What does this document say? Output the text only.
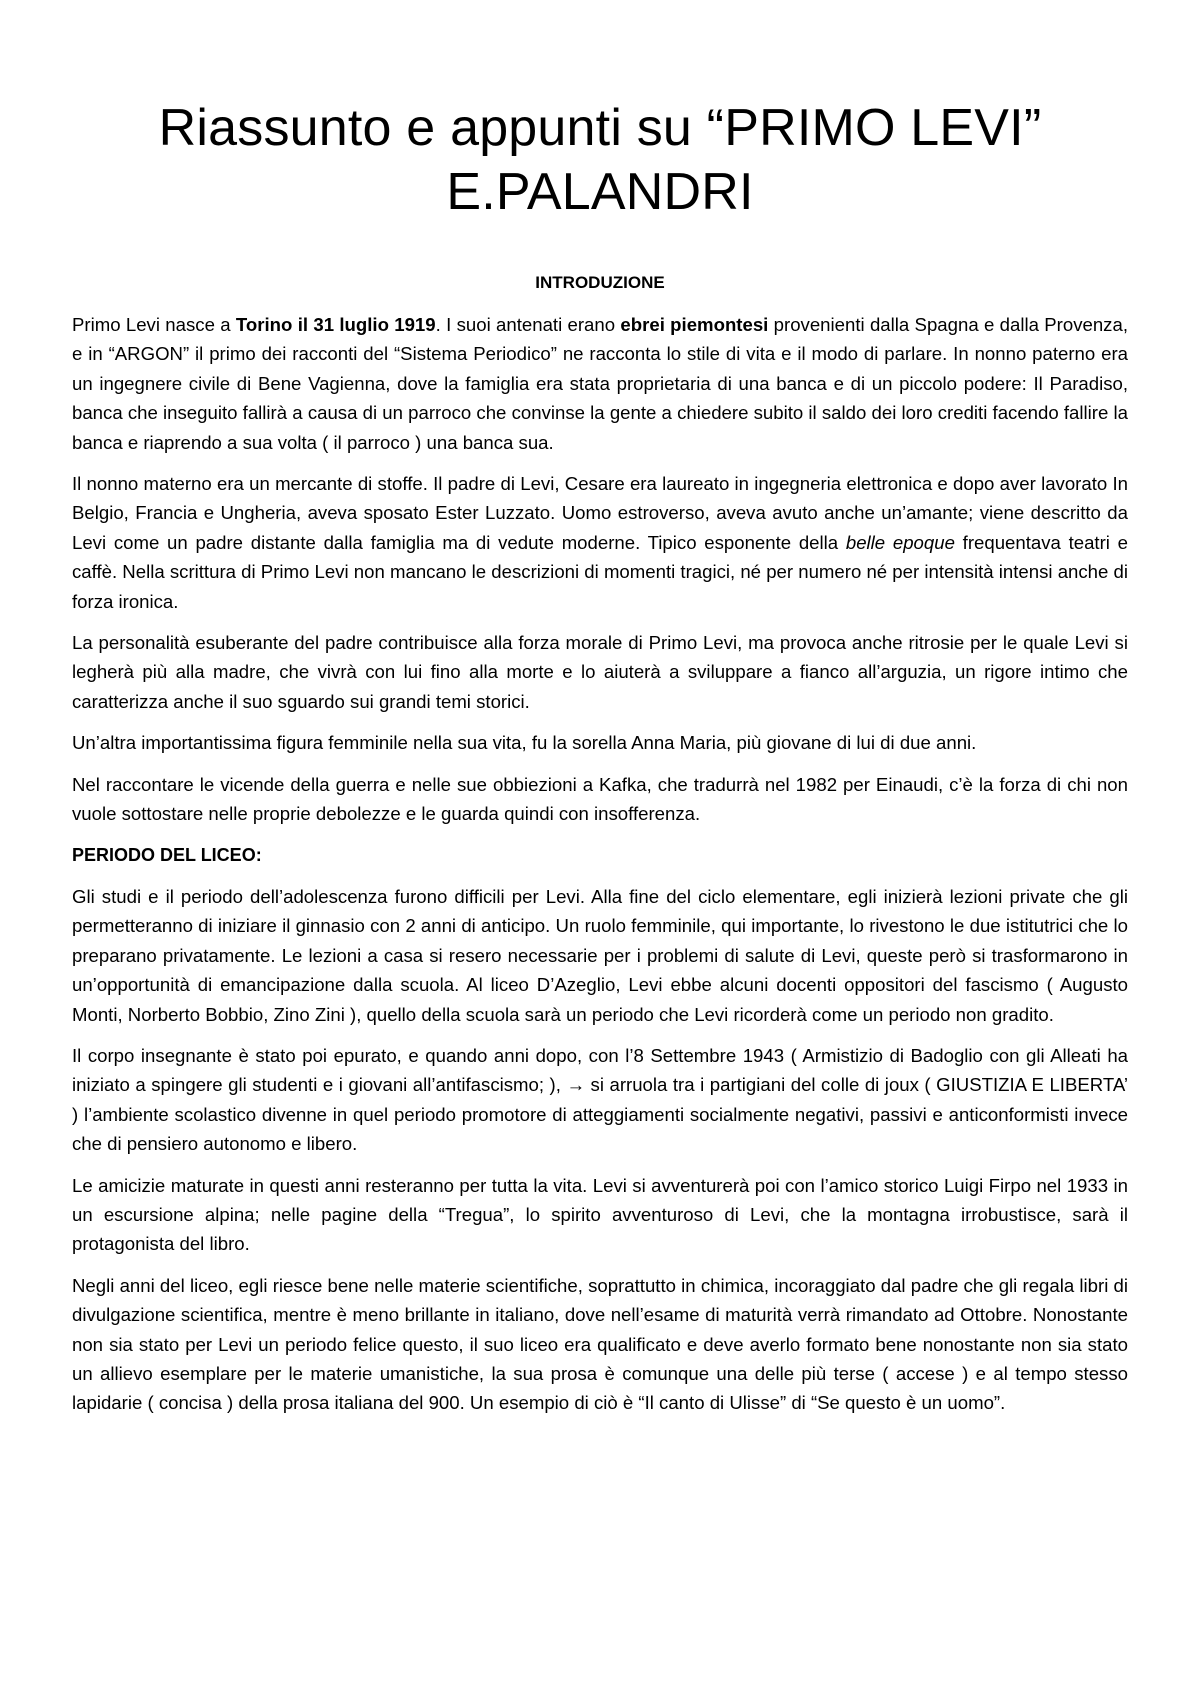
Riassunto e appunti su “PRIMO LEVI”
E.PALANDRI
INTRODUZIONE

Primo Levi nasce a Torino il 31 luglio 1919. I suoi antenati erano ebrei piemontesi provenienti dalla Spagna e dalla Provenza, e in “ARGON” il primo dei racconti del “Sistema Periodico” ne racconta lo stile di vita e il modo di parlare. In nonno paterno era un ingegnere civile di Bene Vagienna, dove la famiglia era stata proprietaria di una banca e di un piccolo podere: Il Paradiso, banca che inseguito fallirà a causa di un parroco che convinse la gente a chiedere subito il saldo dei loro crediti facendo fallire la banca e riaprendo a sua volta ( il parroco ) una banca sua.

Il nonno materno era un mercante di stoffe. Il padre di Levi, Cesare era laureato in ingegneria elettronica e dopo aver lavorato In Belgio, Francia e Ungheria, aveva sposato Ester Luzzato. Uomo estroverso, aveva avuto anche un’amante; viene descritto da Levi come un padre distante dalla famiglia ma di vedute moderne. Tipico esponente della belle epoque frequentava teatri e caffè. Nella scrittura di Primo Levi non mancano le descrizioni di momenti tragici, né per numero né per intensità intensi anche di forza ironica.

La personalità esuberante del padre contribuisce alla forza morale di Primo Levi, ma provoca anche ritrosie per le quale Levi si legherà più alla madre, che vivrà con lui fino alla morte e lo aiuterà a sviluppare a fianco all’arguzia, un rigore intimo che caratterizza anche il suo sguardo sui grandi temi storici.

Un’altra importantissima figura femminile nella sua vita, fu la sorella Anna Maria, più giovane di lui di due anni.

Nel raccontare le vicende della guerra e nelle sue obbiezioni a Kafka, che tradurrà nel 1982 per Einaudi, c’è la forza di chi non vuole sottostare nelle proprie debolezze e le guarda quindi con insofferenza.

PERIODO DEL LICEO:

Gli studi e il periodo dell’adolescenza furono difficili per Levi. Alla fine del ciclo elementare, egli inizierà lezioni private che gli permetteranno di iniziare il ginnasio con 2 anni di anticipo. Un ruolo femminile, qui importante, lo rivestono le due istitutrici che lo preparano privatamente. Le lezioni a casa si resero necessarie per i problemi di salute di Levi, queste però si trasformarono in un’opportunità di emancipazione dalla scuola. Al liceo D’Azeglio, Levi ebbe alcuni docenti oppositori del fascismo ( Augusto Monti, Norberto Bobbio, Zino Zini ), quello della scuola sarà un periodo che Levi ricorderà come un periodo non gradito.

Il corpo insegnante è stato poi epurato, e quando anni dopo, con l’8 Settembre 1943 ( Armistizio di Badoglio con gli Alleati ha iniziato a spingere gli studenti e i giovani all’antifascismo; ), → si arruola tra i partigiani del colle di joux ( GIUSTIZIA E LIBERTA’ ) l’ambiente scolastico divenne in quel periodo promotore di atteggiamenti socialmente negativi, passivi e anticonformisti invece che di pensiero autonomo e libero.

Le amicizie maturate in questi anni resteranno per tutta la vita. Levi si avventurerà poi con l’amico storico Luigi Firpo nel 1933 in un escursione alpina; nelle pagine della “Tregua”, lo spirito avventuroso di Levi, che la montagna irrobustisce, sarà il protagonista del libro.

Negli anni del liceo, egli riesce bene nelle materie scientifiche, soprattutto in chimica, incoraggiato dal padre che gli regala libri di divulgazione scientifica, mentre è meno brillante in italiano, dove nell’esame di maturità verrà rimandato ad Ottobre. Nonostante non sia stato per Levi un periodo felice questo, il suo liceo era qualificato e deve averlo formato bene nonostante non sia stato un allievo esemplare per le materie umanistiche, la sua prosa è comunque una delle più terse ( accese ) e al tempo stesso lapidarie ( concisa ) della prosa italiana del 900. Un esempio di ciò è “Il canto di Ulisse” di “Se questo è un uomo”.
